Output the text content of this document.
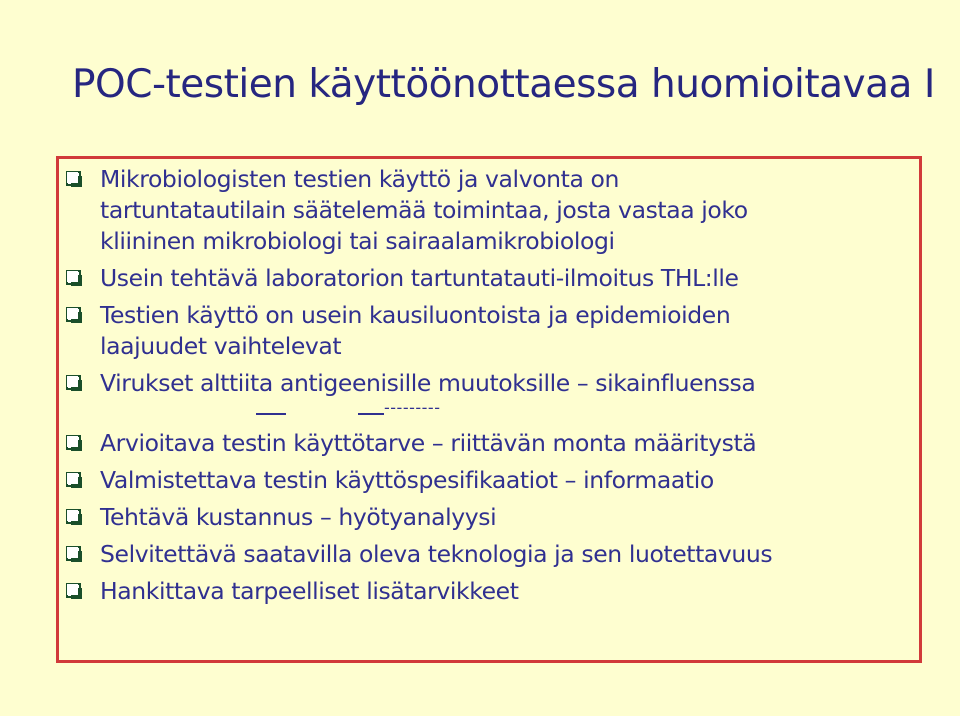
POC-testien käyttöönottaessa huomioitavaa I
Mikrobiologisten testien käyttö ja valvonta on
tartuntatautilain säätelemää toimintaa, josta vastaa joko
kliininen mikrobiologi tai sairaalamikrobiologi
Usein tehtävä laboratorion tartuntatauti-ilmoitus THL:lle
Testien käyttö on usein kausiluontoista ja epidemioiden
laajuudet vaihtelevat
Virukset alttiita antigeenisille muutoksille – sikainfluenssa
---------
Arvioitava testin käyttötarve – riittävän monta määritystä
Valmistettava testin käyttöspesifikaatiot – informaatio
Tehtävä kustannus – hyötyanalyysi
Selvitettävä saatavilla oleva teknologia ja sen luotettavuus
Hankittava tarpeelliset lisätarvikkeet
